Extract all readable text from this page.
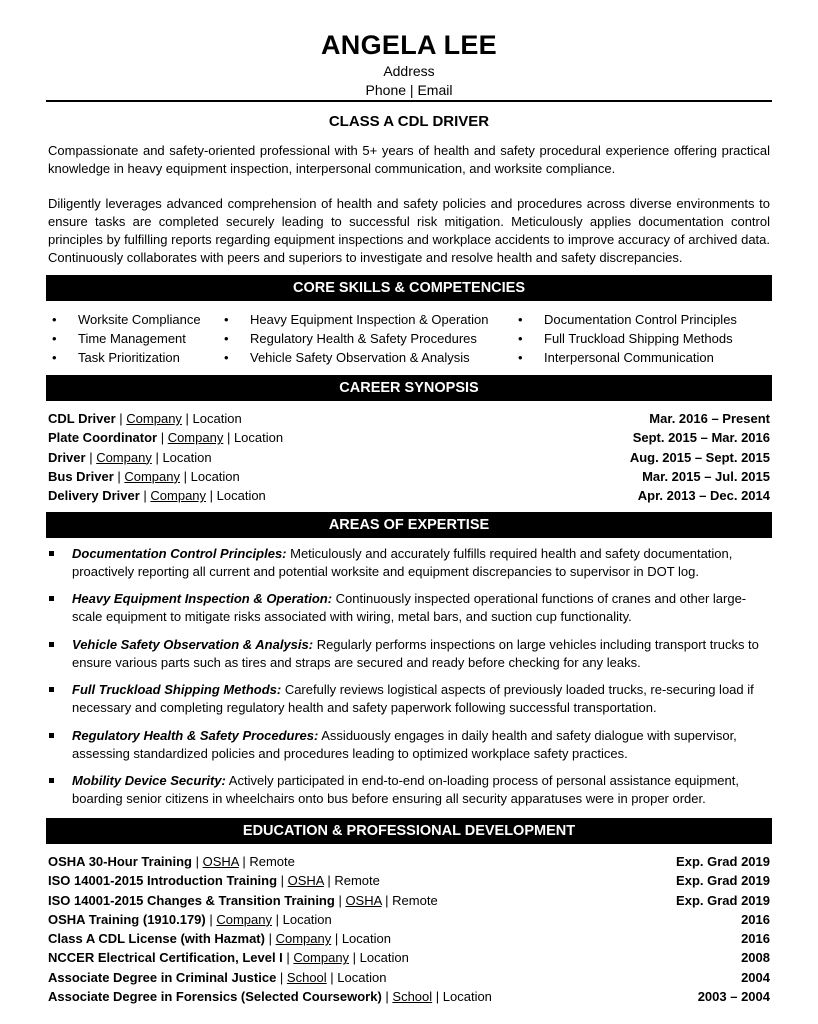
ANGELA LEE
Address
Phone | Email
CLASS A CDL DRIVER
Compassionate and safety-oriented professional with 5+ years of health and safety procedural experience offering practical knowledge in heavy equipment inspection, interpersonal communication, and worksite compliance.
Diligently leverages advanced comprehension of health and safety policies and procedures across diverse environments to ensure tasks are completed securely leading to successful risk mitigation. Meticulously applies documentation control principles by fulfilling reports regarding equipment inspections and workplace accidents to improve accuracy of archived data. Continuously collaborates with peers and superiors to investigate and resolve health and safety discrepancies.
CORE SKILLS & COMPETENCIES
• Worksite Compliance
• Time Management
• Task Prioritization
• Heavy Equipment Inspection & Operation
• Regulatory Health & Safety Procedures
• Vehicle Safety Observation & Analysis
• Documentation Control Principles
• Full Truckload Shipping Methods
• Interpersonal Communication
CAREER SYNOPSIS
CDL Driver | Company | Location	Mar. 2016 – Present
Plate Coordinator | Company | Location	Sept. 2015 – Mar. 2016
Driver | Company | Location	Aug. 2015 – Sept. 2015
Bus Driver | Company | Location	Mar. 2015 – Jul. 2015
Delivery Driver | Company | Location	Apr. 2013 – Dec. 2014
AREAS OF EXPERTISE
Documentation Control Principles: Meticulously and accurately fulfills required health and safety documentation, proactively reporting all current and potential worksite and equipment discrepancies to supervisor in DOT log.
Heavy Equipment Inspection & Operation: Continuously inspected operational functions of cranes and other large-scale equipment to mitigate risks associated with wiring, metal bars, and suction cup functionality.
Vehicle Safety Observation & Analysis: Regularly performs inspections on large vehicles including transport trucks to ensure various parts such as tires and straps are secured and ready before checking for any leaks.
Full Truckload Shipping Methods: Carefully reviews logistical aspects of previously loaded trucks, re-securing load if necessary and completing regulatory health and safety paperwork following successful transportation.
Regulatory Health & Safety Procedures: Assiduously engages in daily health and safety dialogue with supervisor, assessing standardized policies and procedures leading to optimized workplace safety practices.
Mobility Device Security: Actively participated in end-to-end on-loading process of personal assistance equipment, boarding senior citizens in wheelchairs onto bus before ensuring all security apparatuses were in proper order.
EDUCATION & PROFESSIONAL DEVELOPMENT
OSHA 30-Hour Training | OSHA | Remote	Exp. Grad 2019
ISO 14001-2015 Introduction Training | OSHA | Remote	Exp. Grad 2019
ISO 14001-2015 Changes & Transition Training | OSHA | Remote	Exp. Grad 2019
OSHA Training (1910.179) | Company | Location	2016
Class A CDL License (with Hazmat) | Company | Location	2016
NCCER Electrical Certification, Level I | Company | Location	2008
Associate Degree in Criminal Justice | School | Location	2004
Associate Degree in Forensics (Selected Coursework) | School | Location	2003 – 2004
